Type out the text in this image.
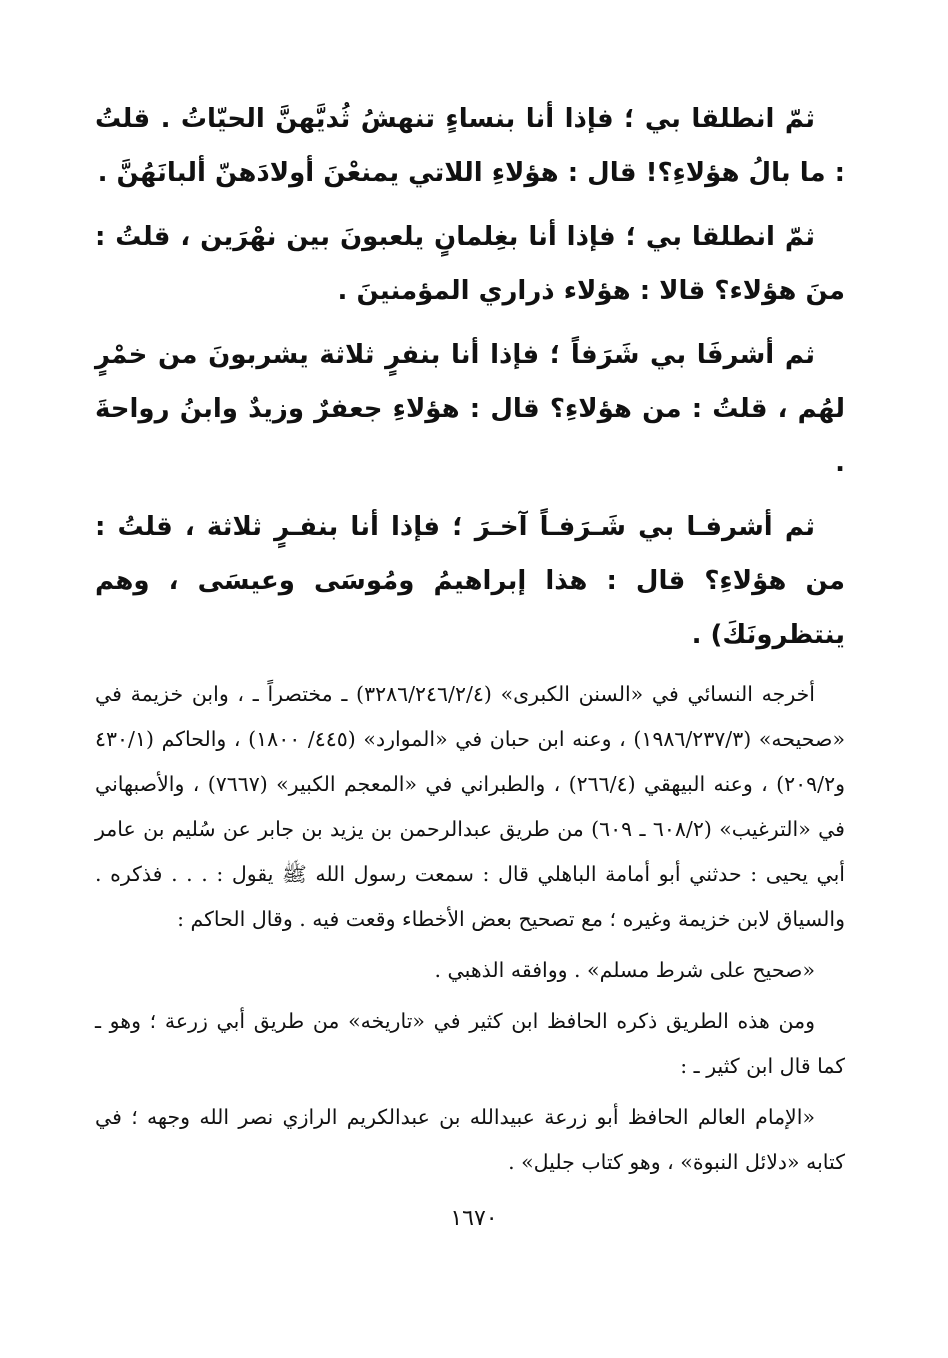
ثمّ انطلقا بي ؛ فإذا أنا بنساءٍ تنهشُ ثُديَّهنَّ الحيّاتُ . قلتُ : ما بالُ هؤلاءِ؟! قال : هؤلاءِ اللاتي يمنعْنَ أولادَهنّ ألبانَهُنَّ .

ثمّ انطلقا بي ؛ فإذا أنا بغِلمانٍ يلعبونَ بين نهْرَين ، قلتُ : منَ هؤلاء؟ قالا : هؤلاء ذراري المؤمنينَ .

ثم أشرفَا بي شَرَفاً ؛ فإذا أنا بنفرٍ ثلاثة يشربونَ من خمْرٍ لهُم ، قلتُ : من هؤلاءِ؟ قال : هؤلاءِ جعفرٌ وزيدٌ وابنُ رواحةَ .

ثم أشرفـا بي شَـرَفـاً آخـرَ ؛ فإذا أنا بنفـرٍ ثلاثة ، قلتُ : من هؤلاءِ؟ قال : هذا إبراهيمُ ومُوسَى وعيسَى ، وهم ينتظرونَكَ) .

أخرجه النسائي في «السنن الكبرى» (٣٢٨٦/٢٤٦/٢/٤) ـ مختصراً ـ ، وابن خزيمة في «صحيحه» (١٩٨٦/٢٣٧/٣) ، وعنه ابن حبان في «الموارد» (٤٤٥/ ١٨٠٠) ، والحاكم (٤٣٠/١ و٢٠٩/٢) ، وعنه البيهقي (٢٦٦/٤) ، والطبراني في «المعجم الكبير» (٧٦٦٧) ، والأصبهاني في «الترغيب» (٦٠٨/٢ ـ ٦٠٩) من طريق عبدالرحمن بن يزيد بن جابر عن سُليم بن عامر أبي يحيى : حدثني أبو أمامة الباهلي قال : سمعت رسول الله ﷺ يقول : . . . فذكره . والسياق لابن خزيمة وغيره ؛ مع تصحيح بعض الأخطاء وقعت فيه . وقال الحاكم :

«صحيح على شرط مسلم» . ووافقه الذهبي .

ومن هذه الطريق ذكره الحافظ ابن كثير في «تاريخه» من طريق أبي زرعة ؛ وهو ـ كما قال ابن كثير ـ :

«الإمام العالم الحافظ أبو زرعة عبيدالله بن عبدالكريم الرازي نصر الله وجهه ؛ في كتابه «دلائل النبوة» ، وهو كتاب جليل» .

١٦٧٠
